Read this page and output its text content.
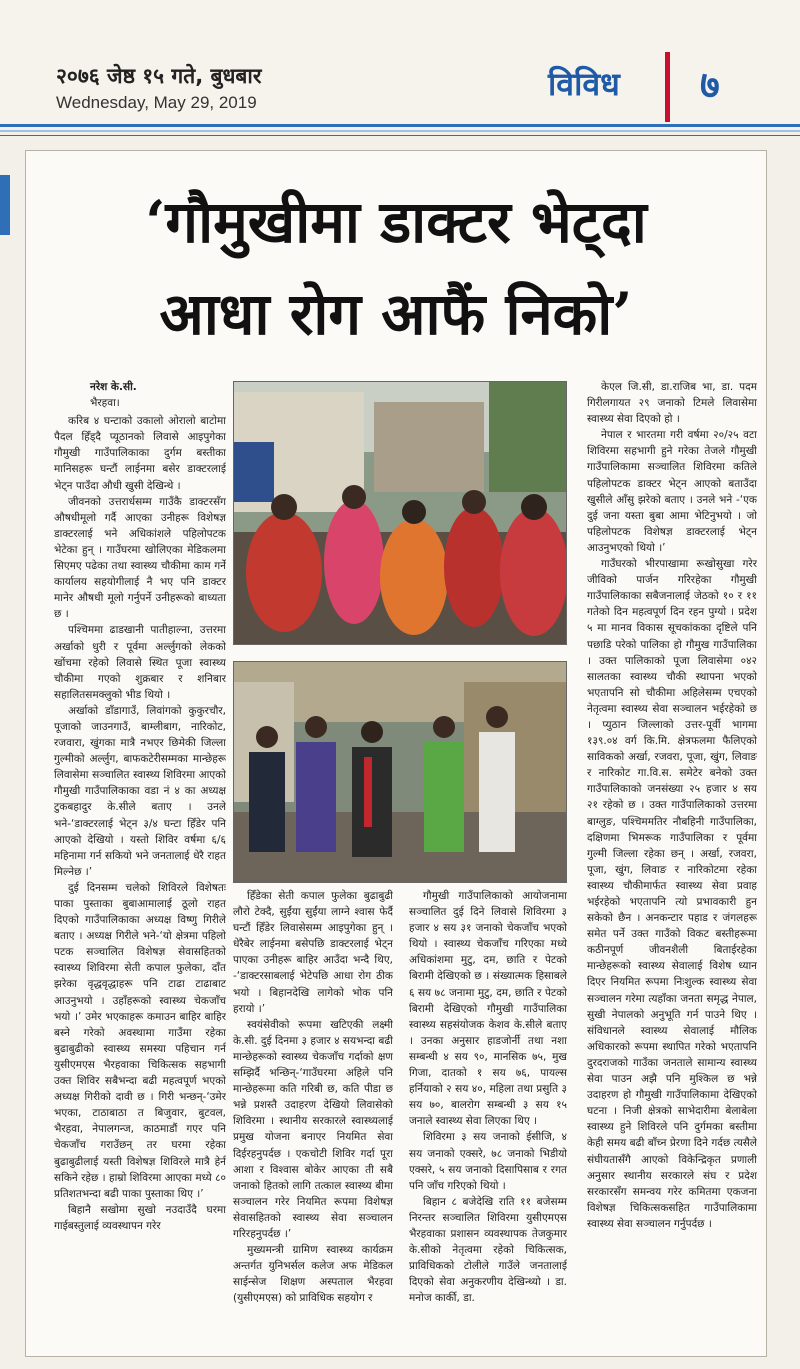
२०७६ जेष्ठ १५ गते, बुधबार
Wednesday, May 29, 2019	विविध ७
‘गौमुखीमा डाक्टर भेट्दा
आधा रोग आफैं निको’

नरेश के.सी.

भैरहवा।

करिब ४ घन्टाको उकालो ओरालो बाटोमा पैदल हिँड्दै प्यूठानको लिवासे आइपुगेका गौमुखी गाउँपालिकाका दुर्गम बस्तीका मानिसहरू घन्टौं लाईनमा बसेर डाक्टरलाई भेट्न पाउँदा औधी खुसी देखिन्थे ।

जीवनको उत्तरार्धसम्म गाउँकै डाक्टरसँग औषधीमूलो गर्दै आएका उनीहरू विशेषज्ञ डाक्टरलाई भने अधिकांशले पहिलोपटक भेटेका हुन् । गाउँघरमा खोलिएका मेडिकलमा सिएमए पढेका तथा स्वास्थ्य चौकीमा काम गर्ने कार्यालय सहयोगीलाई नै भए पनि डाक्टर मानेर औषधी मूलो गर्नुपर्ने उनीहरूको बाध्यता छ ।

पश्चिममा ढाडखानी पातीहाल्ना, उत्तरमा अर्खाको धुरी र पूर्वमा अर्ल्लुगको लेकको खोंचमा रहेको लिवासे स्थित पूजा स्वास्थ्य चौकीमा गएको शुक्रबार र शनिबार सहालितसमक्लुको भीड थियो ।

अर्खाको डाँडागाउँ, लिवांगको कुकुरचौर, पूजाको जाउनगाउँ, बाम्लीबाग, नारिकोट, रजवारा, खुंगका मात्रै नभएर छिमेकी जिल्ला गुल्मीको अर्ल्लुग, बाफकटेरीसम्मका मान्छेहरू लिवासेमा सञ्चालित स्वास्थ्य शिविरमा आएको गौमुखी गाउँपालिकाका वडा नं ४ का अध्यक्ष टुकबहादुर के.सीले बताए । उनले भने-‘डाक्टरलाई भेट्न ३/४ घन्टा हिँडेर पनि आएको देखियो । यस्तो शिविर वर्षमा ६/६ महिनामा गर्न सकियो भने जनतालाई धेरै राहत मिल्नेछ ।’

दुई दिनसम्म चलेको शिविरले विशेषतः पाका पुस्ताका बुबाआमालाई ठूलो राहत दिएको गाउँपालिकाका अध्यक्ष विष्णु गिरीले बताए । अध्यक्ष गिरीले भने-‘यो क्षेत्रमा पहिलो पटक सञ्चालित विशेषज्ञ सेवासहितको स्वास्थ्य शिविरमा सेती कपाल फुलेका, दाँत झरेका वृद्धवृद्धाहरू पनि टाढा टाढाबाट आउनुभयो । उहाँहरूको स्वास्थ्य चेकजाँच भयो ।’ उमेर भएकाहरू कमाउन बाहिर बाहिर बस्ने गरेको अवस्थामा गाउँमा रहेका बुढाबुढीको स्वास्थ्य समस्या पहिचान गर्न युसीएमएस भैरहवाका चिकित्सक सहभागी उक्त शिविर सबैभन्दा बढी महत्वपूर्ण भएको अध्यक्ष गिरीको दावी छ । गिरी भन्छन्-‘उमेर भएका, टाठाबाठा त बिजुवार, बुटवल, भैरहवा, नेपालगन्ज, काठमाडौं गएर पनि चेकजाँच गराउँछन् तर घरमा रहेका बुढाबुढीलाई यस्ती विशेषज्ञ शिविरले मात्रै हेर्न सकिने रहेछ । हाम्रो शिविरमा आएका मध्ये ८० प्रतिशतभन्दा बढी पाका पुस्ताका थिए ।’

बिहानै सखोमा सुखो नउदाउँदै घरमा गाईबस्तुलाई व्यवस्थापन गरेर

हिँडेका सेती कपाल फुलेका बुढाबुढी लौरो टेक्दै, सुईंया सुईंया लाग्ने श्वास फेर्दै घन्टौं हिँडेर लिवासेसम्म आइपुगेका हुन् । धेरैबेर लाईनमा बसेपछि डाक्टरलाई भेट्न पाएका उनीहरू बाहिर आउँदा भन्दै थिए, -‘डाक्टरसाबलाई भेटेपछि आधा रोग ठीक भयो । बिहानदेखि लागेको भोक पनि हरायो ।’

स्वयंसेवीको रूपमा खटिएकी लक्ष्मी के.सी. दुई दिनमा ३ हजार ४ सयभन्दा बढी मान्छेहरूको स्वास्थ्य चेकजाँच गर्दाको क्षण सम्झिर्दै भन्छिन्-‘गाउँघरमा अहिले पनि मान्छेहरूमा कति गरिबी छ, कति पीडा छ भन्ने प्रशस्तै उदाहरण देखियो लिवासेको शिविरमा । स्थानीय सरकारले स्वास्थ्यलाई प्रमुख योजना बनाएर नियमित सेवा दिईरहनुपर्दछ । एकचोटी शिविर गर्दा पूरा आशा र विश्वास बोकेर आएका ती सबै जनाको हितको लागि तत्काल स्वास्थ्य बीमा सञ्चालन गरेर नियमित रूपमा विशेषज्ञ सेवासहितको स्वास्थ्य सेवा सञ्चालन गरिरहनुपर्दछ ।’

मुख्यमन्त्री ग्रामिण स्वास्थ्य कार्यक्रम अन्तर्गत युनिभर्सल कलेज अफ मेडिकल साईन्सेज शिक्षण अस्पताल भैरहवा (युसीएमएस) को प्राविधिक सहयोग र

गौमुखी गाउँपालिकाको आयोजनामा सञ्चालित दुई दिने लिवासे शिविरमा ३ हजार ४ सय ३१ जनाको चेकजाँच भएको थियो । स्वास्थ्य चेकजाँच गरिएका मध्ये अधिकांशमा मुटु, दम, छाति र पेटको बिरामी देखिएको छ । संख्यात्मक हिसाबले ६ सय ७८ जनामा मुटु, दम, छाति र पेटको बिरामी देखिएको गौमुखी गाउँपालिका स्वास्थ्य सहसंयोजक केशव के.सीले बताए । उनका अनुसार हाडजोर्नी तथा नशा सम्बन्धी ४ सय ९०, मानसिक ७५, मुख गिजा, दातको १ सय ७६, पायल्स हर्नियाको २ सय ४०, महिला तथा प्रसुति ३ सय ७०, बालरोग सम्बन्धी ३ सय १५ जनाले स्वास्थ्य सेवा लिएका थिए ।

शिविरमा ३ सय जनाको ईसीजि, ४ सय जनाको एक्सरे, ७८ जनाको भिडीयो एक्सरे, ५ सय जनाको दिसापिसाब र रगत पनि जाँच गरिएको थियो ।

बिहान ८ बजेदेखि राति ११ बजेसम्म निरन्तर सञ्चालित शिविरमा युसीएमएस भैरहवाका प्रशासन व्यवस्थापक तेजकुमार के.सीको नेतृत्वमा रहेको चिकित्सक, प्राविधिकको टोलीले गाउँले जनतालाई दिएको सेवा अनुकरणीय देखिन्थ्यो । डा. मनोज कार्की, डा.

केएल जि.सी, डा.राजिब भा, डा. पदम गिरीलगायत २९ जनाको टिमले लिवासेमा स्वास्थ्य सेवा दिएको हो ।

नेपाल र भारतमा गरी वर्षमा २०/२५ वटा शिविरमा सहभागी हुने गरेका तेजले गौमुखी गाउँपालिकामा सञ्चालित शिविरमा कतिले पहिलोपटक डाक्टर भेट्न आएको बताउँदा खुसीले आँसु झरेको बताए । उनले भने -‘एक दुई जना यस्ता बुबा आमा भेटिनुभयो । जो पहिलोपटक विशेषज्ञ डाक्टरलाई भेट्न आउनुभएको थियो ।’

गाउँघरको भीरपाखामा रूखोसुखा गरेर जीविको पार्जन गरिरहेका गौमुखी गाउँपालिकाका सबैजनालाई जेठको १० र ११ गतेको दिन महत्वपूर्ण दिन रहन पुग्यो । प्रदेश ५ मा मानव विकास सूचकांकका दृष्टिले पनि पछाडि परेको पालिका हो गौमुख गाउँपालिका । उक्त पालिकाको पूजा लिवासेमा ०४२ सालतका स्वास्थ्य चौकी स्थापना भएको भएतापनि सो चौकीमा अहिलेसम्म एचएको नेतृत्वमा स्वास्थ्य सेवा सञ्चालन भईरहेको छ । प्युठान जिल्लाको उत्तर-पूर्वी भागमा १३९.०४ वर्ग कि.मि. क्षेत्रफलमा फैलिएको साविकको अर्खा, रजवरा, पूजा, खुंग, लिवाङ र नारिकोट गा.वि.स. समेटेर बनेको उक्त गाउँपालिकाको जनसंख्या २५ हजार ४ सय २१ रहेको छ । उक्त गाउँपालिकाको उत्तरमा बाग्लुङ, पश्चिममतिर नौबहिनी गाउँपालिका, दक्षिणमा भिमरूक गाउँपालिका र पूर्वमा गुल्मी जिल्ला रहेका छन् । अर्खा, रजवरा, पूजा, खुंग, लिवाङ र नारिकोटमा रहेका स्वास्थ्य चौकीमार्फत स्वास्थ्य सेवा प्रवाह भईरहेको भएतापनि त्यो प्रभावकारी हुन सकेको छैन । अनकन्टार पहाड र जंगलहरू समेत पर्ने उक्त गाउँको विकट बस्तीहरूमा कठीनपूर्ण जीवनशैली बिताईरहेका मान्छेहरूको स्वास्थ्य सेवालाई विशेष ध्यान दिएर नियमित रूपमा निःशुल्क स्वास्थ्य सेवा सञ्चालन गरेमा त्यहाँका जनता समृद्ध नेपाल, सुखी नेपालको अनुभूति गर्न पाउने थिए । संविधानले स्वास्थ्य सेवालाई मौलिक अधिकारको रूपमा स्थापित गरेको भएतापनि दुरदराजको गाउँका जनताले सामान्य स्वास्थ्य सेवा पाउन अझै पनि मुश्किल छ भन्ने उदाहरण हो गौमुखी गाउँपालिकामा देखिएको घटना । निजी क्षेत्रको साभेदारीमा बेलाबेला स्वास्थ्य हुने शिविरले पनि दुर्गमका बस्तीमा केही समय बढी बाँच्न प्रेरणा दिने गर्दछ त्यसैले संघीयतासँगै आएको विकेन्द्रिकृत प्रणाली अनुसार स्थानीय सरकारले संघ र प्रदेश सरकारसँग समन्वय गरेर कमितमा एकजना विशेषज्ञ चिकित्सकसहित गाउँपालिकामा स्वास्थ्य सेवा सञ्चालन गर्नुपर्दछ ।
